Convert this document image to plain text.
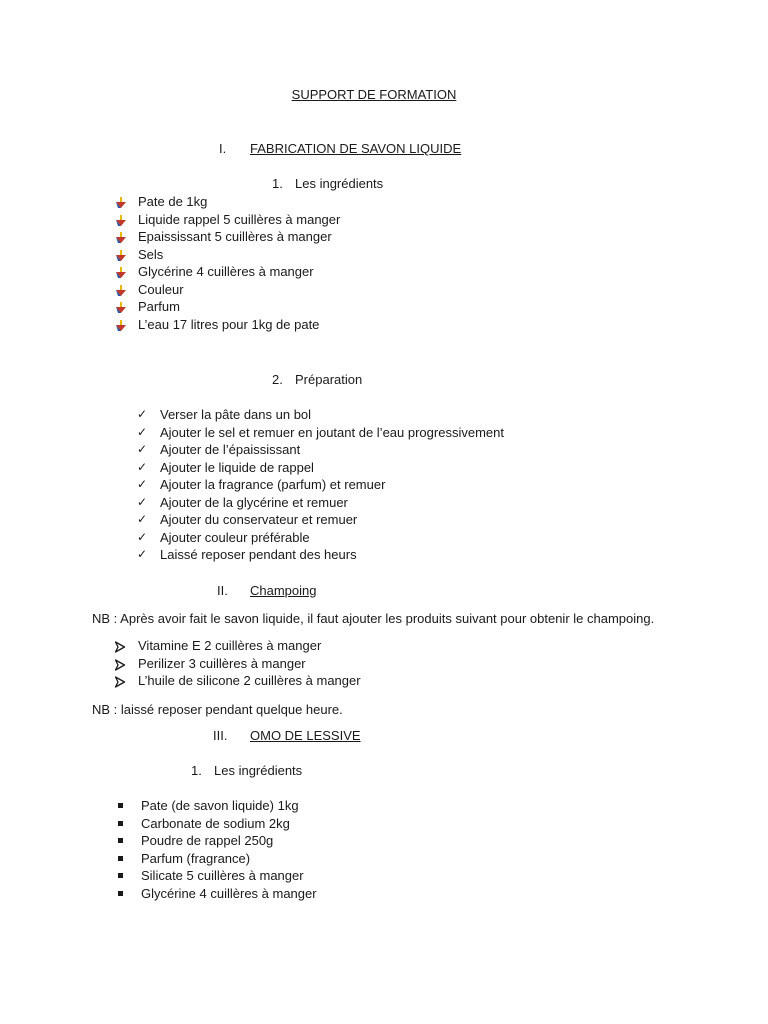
SUPPORT DE FORMATION
I. FABRICATION DE SAVON LIQUIDE
1. Les ingrédients
Pate de 1kg
Liquide rappel 5 cuillères à manger
Epaississant 5 cuillères à manger
Sels
Glycérine 4 cuillères à manger
Couleur
Parfum
L’eau 17 litres pour 1kg de pate
2. Préparation
✓ Verser la pâte dans un bol
✓ Ajouter le sel et remuer en joutant de l’eau progressivement
✓ Ajouter de l’épaississant
✓ Ajouter le liquide de rappel
✓ Ajouter la fragrance (parfum) et remuer
✓ Ajouter de la glycérine et remuer
✓ Ajouter du conservateur et remuer
✓ Ajouter couleur préférable
✓ Laissé reposer pendant des heurs
II. Champoing
NB : Après avoir fait le savon liquide, il faut ajouter les produits suivant pour obtenir le champoing.
Vitamine E 2 cuillères à manger
Perilizer 3 cuillères à manger
L’huile de silicone 2 cuillères à manger
NB : laissé reposer pendant quelque heure.
III. OMO DE LESSIVE
1. Les ingrédients
Pate (de savon liquide) 1kg
Carbonate de sodium 2kg
Poudre de rappel 250g
Parfum (fragrance)
Silicate 5 cuillères à manger
Glycérine 4 cuillères à manger
